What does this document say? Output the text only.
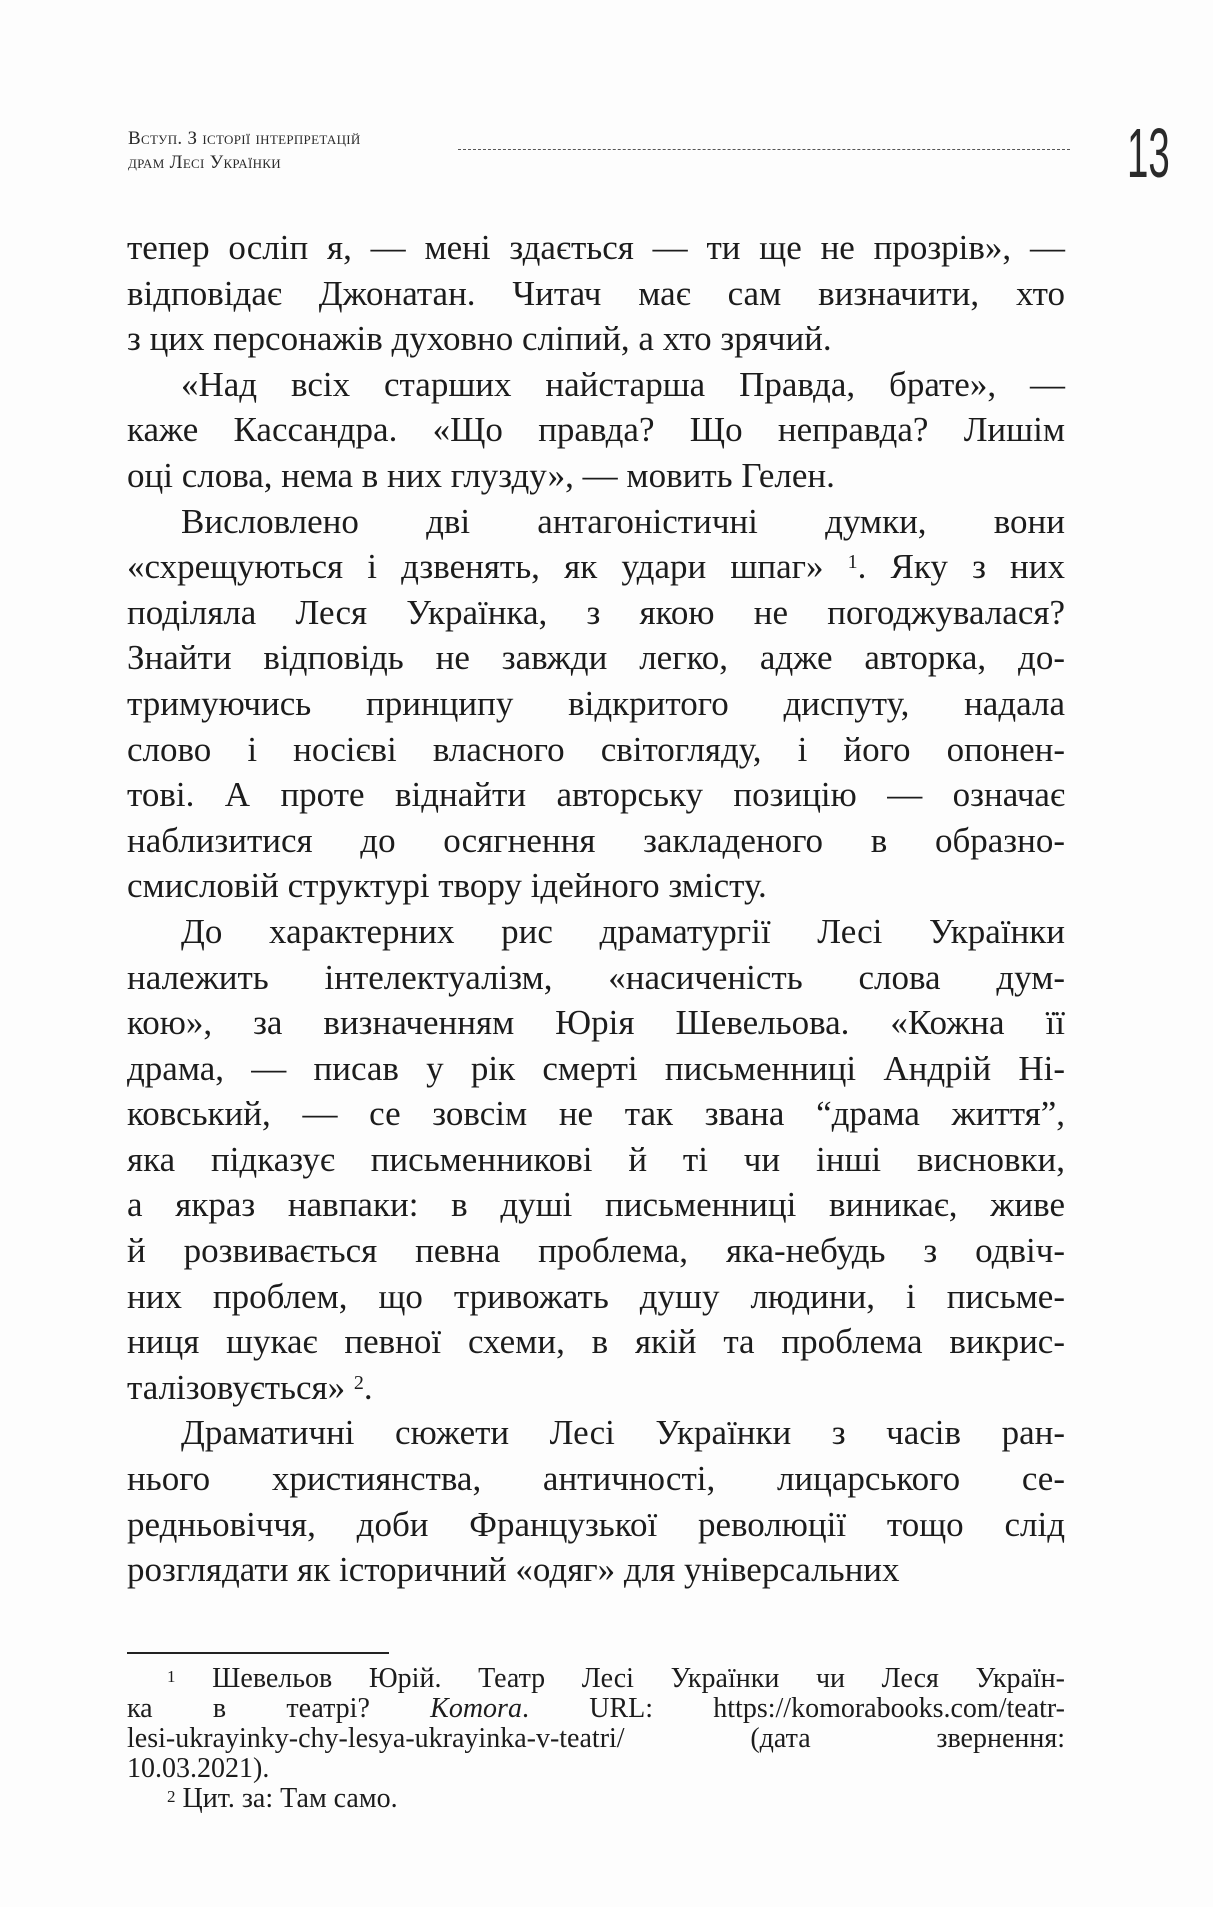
Вступ. З історії інтерпретацій
драм Лесі Українки	13
тепер осліп я, — мені здається — ти ще не прозрів», —
відповідає Джонатан. Читач має сам визначити, хто
з цих персонажів духовно сліпий, а хто зрячий.
«Над всіх старших найстарша Правда, брате», —
каже Кассандра. «Що правда? Що неправда? Лишім
оці слова, нема в них глузду», — мовить Гелен.
Висловлено дві антагоністичні думки, вони
«схрещуються і дзвенять, як удари шпаг» $^1$. Яку з них
поділяла Леся Українка, з якою не погоджувалася?
Знайти відповідь не завжди легко, адже авторка, до-
тримуючись принципу відкритого диспуту, надала
слово і носієві власного світогляду, і його опонен-
тові. А проте віднайти авторську позицію — означає
наблизитися до осягнення закладеного в образно-
смисловій структурі твору ідейного змісту.
До характерних рис драматургії Лесі Українки
належить інтелектуалізм, «насиченість слова дум-
кою», за визначенням Юрія Шевельова. «Кожна її
драма, — писав у рік смерті письменниці Андрій Ні-
ковський, — се зовсім не так звана “драма життя”,
яка підказує письменникові й ті чи інші висновки,
а якраз навпаки: в душі письменниці виникає, живе
й розвивається певна проблема, яка-небудь з одвіч-
них проблем, що тривожать душу людини, і письме-
ниця шукає певної схеми, в якій та проблема викрис-
талізовується» $^2$.
Драматичні сюжети Лесі Українки з часів ран-
нього християнства, античності, лицарського се-
редньовіччя, доби Французької революції тощо слід
розглядати як історичний «одяг» для універсальних
$^1$ Шевельов Юрій. Театр Лесі Українки чи Леся Україн-
ка в театрі? Komora. URL: https://komorabooks.com/teatr-
lesi-ukrayinky-chy-lesya-ukrayinka-v-teatri/ (дата звернення:
10.03.2021).
$^2$ Цит. за: Там само.
